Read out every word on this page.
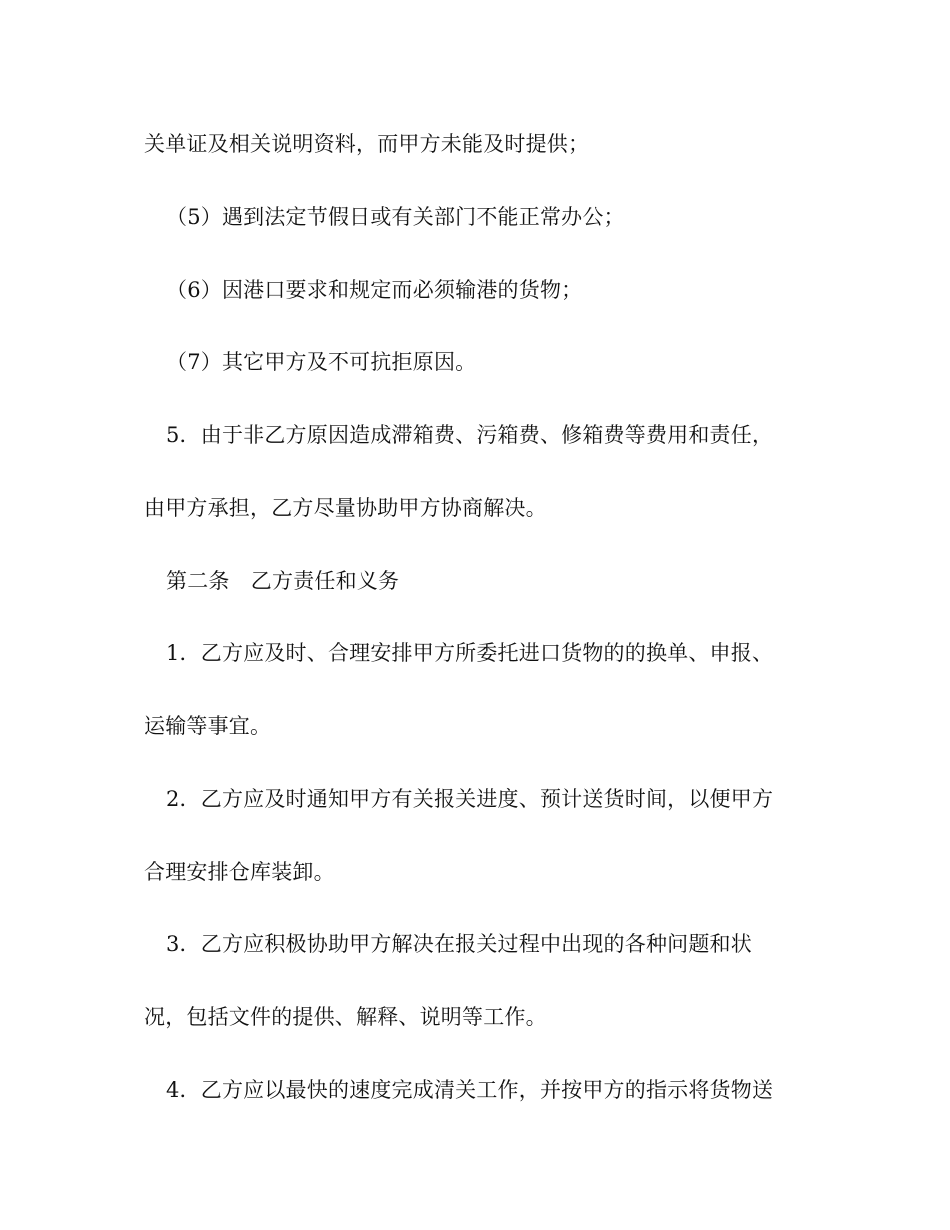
关单证及相关说明资料，而甲方未能及时提供；
（5）遇到法定节假日或有关部门不能正常办公；
（6）因港口要求和规定而必须输港的货物；
（7）其它甲方及不可抗拒原因。
5．由于非乙方原因造成滞箱费、污箱费、修箱费等费用和责任，
由甲方承担，乙方尽量协助甲方协商解决。
第二条　乙方责任和义务
1．乙方应及时、合理安排甲方所委托进口货物的的换单、申报、
运输等事宜。
2．乙方应及时通知甲方有关报关进度、预计送货时间，以便甲方
合理安排仓库装卸。
3．乙方应积极协助甲方解决在报关过程中出现的各种问题和状
况，包括文件的提供、解释、说明等工作。
4．乙方应以最快的速度完成清关工作，并按甲方的指示将货物送
